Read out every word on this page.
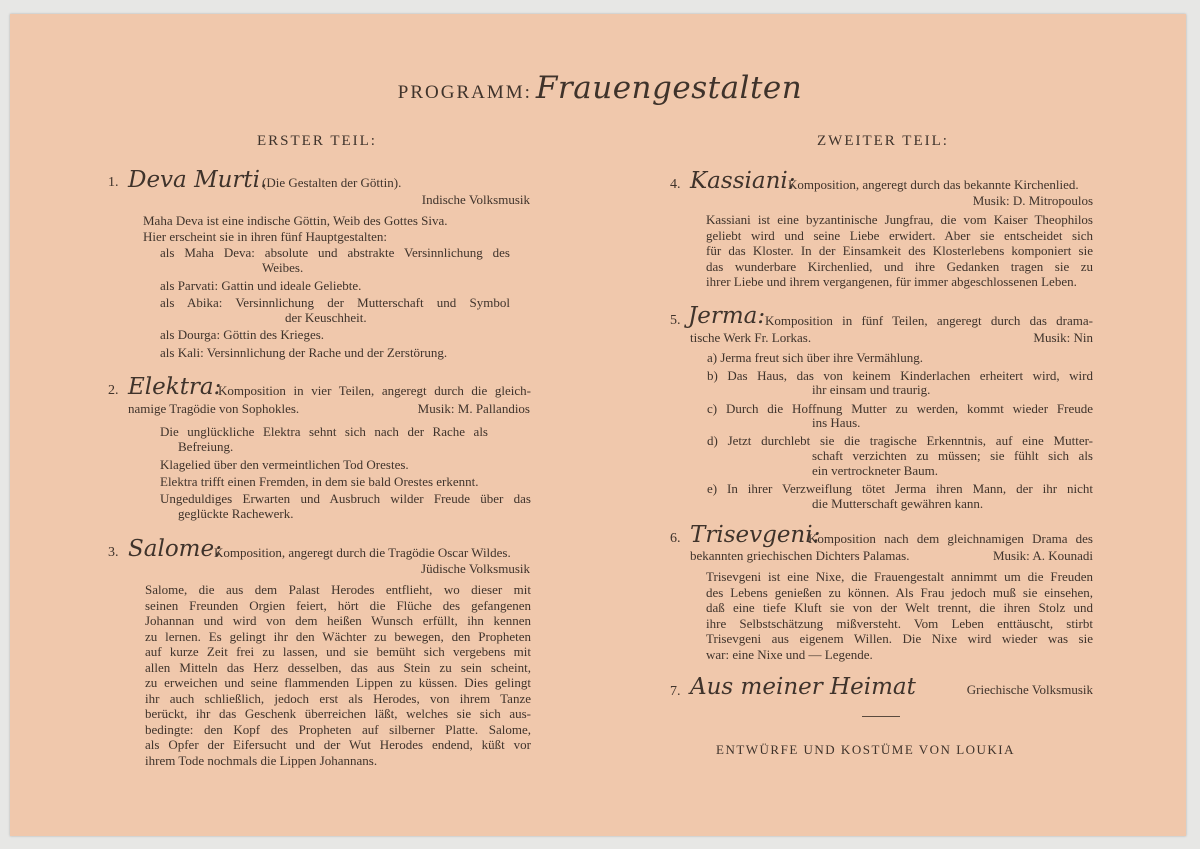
PROGRAMM: Frauengestalten
ERSTER TEIL:
1. Deva Murti.
(Die Gestalten der Göttin).
Indische Volksmusik
Maha Deva ist eine indische Göttin, Weib des Gottes Siva.
Hier erscheint sie in ihren fünf Hauptgestalten:
als Maha Deva: absolute und abstrakte Versinnlichung des
Weibes.
als Parvati: Gattin und ideale Geliebte.
als Abika: Versinnlichung der Mutterschaft und Symbol
der Keuschheit.
als Dourga: Göttin des Krieges.
als Kali: Versinnlichung der Rache und der Zerstörung.
2. Elektra:
Komposition in vier Teilen, angeregt durch die gleich-
namige Tragödie von Sophokles.	Musik: M. Pallandios
Die unglückliche Elektra sehnt sich nach der Rache als
Befreiung.
Klagelied über den vermeintlichen Tod Orestes.
Elektra trifft einen Fremden, in dem sie bald Orestes erkennt.
Ungeduldiges Erwarten und Ausbruch wilder Freude über das
geglückte Rachewerk.
3. Salome:
Komposition, angeregt durch die Tragödie Oscar Wildes.
Jüdische Volksmusik
Salome, die aus dem Palast Herodes entflieht, wo dieser mit
seinen Freunden Orgien feiert, hört die Flüche des gefangenen
Johannan und wird von dem heißen Wunsch erfüllt, ihn kennen
zu lernen. Es gelingt ihr den Wächter zu bewegen, den Propheten
auf kurze Zeit frei zu lassen, und sie bemüht sich vergebens mit
allen Mitteln das Herz desselben, das aus Stein zu sein scheint,
zu erweichen und seine flammenden Lippen zu küssen. Dies gelingt
ihr auch schließlich, jedoch erst als Herodes, von ihrem Tanze
berückt, ihr das Geschenk überreichen läßt, welches sie sich aus-
bedingte: den Kopf des Propheten auf silberner Platte. Salome,
als Opfer der Eifersucht und der Wut Herodes endend, küßt vor
ihrem Tode nochmals die Lippen Johannans.
ZWEITER TEIL:
4. Kassiani:
Komposition, angeregt durch das bekannte Kirchenlied.
Musik: D. Mitropoulos
Kassiani ist eine byzantinische Jungfrau, die vom Kaiser Theophilos
geliebt wird und seine Liebe erwidert. Aber sie entscheidet sich
für das Kloster. In der Einsamkeit des Klosterlebens komponiert sie
das wunderbare Kirchenlied, und ihre Gedanken tragen sie zu
ihrer Liebe und ihrem vergangenen, für immer abgeschlossenen Leben.
5. Jerma: Komposition in fünf Teilen, angeregt durch das drama-
tische Werk Fr. Lorkas.	Musik: Nin
a) Jerma freut sich über ihre Vermählung.
b) Das Haus, das von keinem Kinderlachen erheitert wird, wird
ihr einsam und traurig.
c) Durch die Hoffnung Mutter zu werden, kommt wieder Freude
ins Haus.
d) Jetzt durchlebt sie die tragische Erkenntnis, auf eine Mutter-
schaft verzichten zu müssen; sie fühlt sich als
ein vertrockneter Baum.
e) In ihrer Verzweiflung tötet Jerma ihren Mann, der ihr nicht
die Mutterschaft gewähren kann.
6. Trisevgeni:
Komposition nach dem gleichnamigen Drama des
bekannten griechischen Dichters Palamas.	Musik: A. Kounadi
Trisevgeni ist eine Nixe, die Frauengestalt annimmt um die Freuden
des Lebens genießen zu können. Als Frau jedoch muß sie einsehen,
daß eine tiefe Kluft sie von der Welt trennt, die ihren Stolz und
ihre Selbstschätzung mißversteht. Vom Leben enttäuscht, stirbt
Trisevgeni aus eigenem Willen. Die Nixe wird wieder was sie
war: eine Nixe und — Legende.
7. Aus meiner Heimat	Griechische Volksmusik
ENTWÜRFE UND KOSTÜME VON LOUKIA
